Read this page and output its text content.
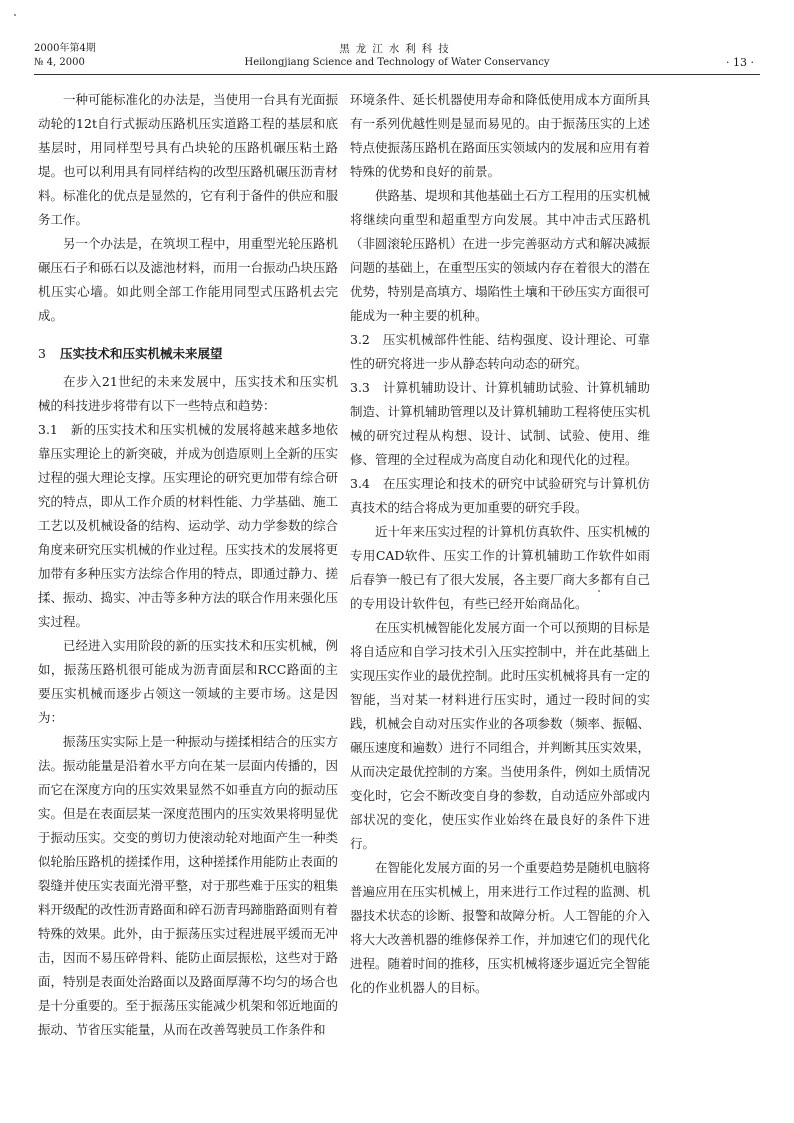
2000年第4期
№ 4, 2000
黑龙江水利科技
Heilongjiang Science and Technology of Water Conservancy	· 13 ·

一种可能标准化的办法是，当使用一台具有光面振动轮的12t自行式振动压路机压实道路工程的基层和底基层时，用同样型号具有凸块轮的压路机碾压粘土路堤。也可以利用具有同样结构的改型压路机碾压沥青材料。标准化的优点是显然的，它有利于备件的供应和服务工作。

另一个办法是，在筑坝工程中，用重型光轮压路机碾压石子和砾石以及滤池材料，而用一台振动凸块压路机压实心墙。如此则全部工作能用同型式压路机去完成。

3 压实技术和压实机械未来展望

在步入21世纪的未来发展中，压实技术和压实机械的科技进步将带有以下一些特点和趋势：

3.1　新的压实技术和压实机械的发展将越来越多地依靠压实理论上的新突破，并成为创造原则上全新的压实过程的强大理论支撑。压实理论的研究更加带有综合研究的特点，即从工作介质的材料性能、力学基础、施工工艺以及机械设备的结构、运动学、动力学参数的综合角度来研究压实机械的作业过程。压实技术的发展将更加带有多种压实方法综合作用的特点，即通过静力、搓揉、振动、捣实、冲击等多种方法的联合作用来强化压实过程。

已经进入实用阶段的新的压实技术和压实机械，例如，振荡压路机很可能成为沥青面层和RCC路面的主要压实机械而逐步占领这一领域的主要市场。这是因为：

振荡压实实际上是一种振动与搓揉相结合的压实方法。振动能量是沿着水平方向在某一层面内传播的，因而它在深度方向的压实效果显然不如垂直方向的振动压实。但是在表面层某一深度范围内的压实效果将明显优于振动压实。交变的剪切力使滚动轮对地面产生一种类似轮胎压路机的搓揉作用，这种搓揉作用能防止表面的裂缝并使压实表面光滑平整，对于那些难于压实的粗集料开级配的改性沥青路面和碎石沥青玛蹄脂路面则有着特殊的效果。此外，由于振荡压实过程进展平缓而无冲击，因而不易压碎骨料、能防止面层振松，这些对于路面，特别是表面处治路面以及路面厚薄不均匀的场合也是十分重要的。至于振荡压实能减少机架和邻近地面的振动、节省压实能量，从而在改善驾驶员工作条件和

环境条件、延长机器使用寿命和降低使用成本方面所具有一系列优越性则是显而易见的。由于振荡压实的上述特点使振荡压路机在路面压实领域内的发展和应用有着特殊的优势和良好的前景。

供路基、堤坝和其他基础土石方工程用的压实机械将继续向重型和超重型方向发展。其中冲击式压路机（非圆滚轮压路机）在进一步完善驱动方式和解决减振问题的基础上，在重型压实的领域内存在着很大的潜在优势，特别是高填方、塌陷性土壤和干砂压实方面很可能成为一种主要的机种。

3.2　压实机械部件性能、结构强度、设计理论、可靠性的研究将进一步从静态转向动态的研究。

3.3　计算机辅助设计、计算机辅助试验、计算机辅助制造、计算机辅助管理以及计算机辅助工程将使压实机械的研究过程从构想、设计、试制、试验、使用、维修、管理的全过程成为高度自动化和现代化的过程。

3.4　在压实理论和技术的研究中试验研究与计算机仿真技术的结合将成为更加重要的研究手段。

近十年来压实过程的计算机仿真软件、压实机械的专用CAD软件、压实工作的计算机辅助工作软件如雨后春笋一般已有了很大发展，各主要厂商大多都有自己的专用设计软件包，有些已经开始商品化。

在压实机械智能化发展方面一个可以预期的目标是将自适应和自学习技术引入压实控制中，并在此基础上实现压实作业的最优控制。此时压实机械将具有一定的智能，当对某一材料进行压实时，通过一段时间的实践，机械会自动对压实作业的各项参数（频率、振幅、碾压速度和遍数）进行不同组合，并判断其压实效果，从而决定最优控制的方案。当使用条件，例如土质情况变化时，它会不断改变自身的参数，自动适应外部或内部状况的变化，使压实作业始终在最良好的条件下进行。

在智能化发展方面的另一个重要趋势是随机电脑将普遍应用在压实机械上，用来进行工作过程的监测、机器技术状态的诊断、报警和故障分析。人工智能的介入将大大改善机器的维修保养工作，并加速它们的现代化进程。随着时间的推移，压实机械将逐步逼近完全智能化的作业机器人的目标。
